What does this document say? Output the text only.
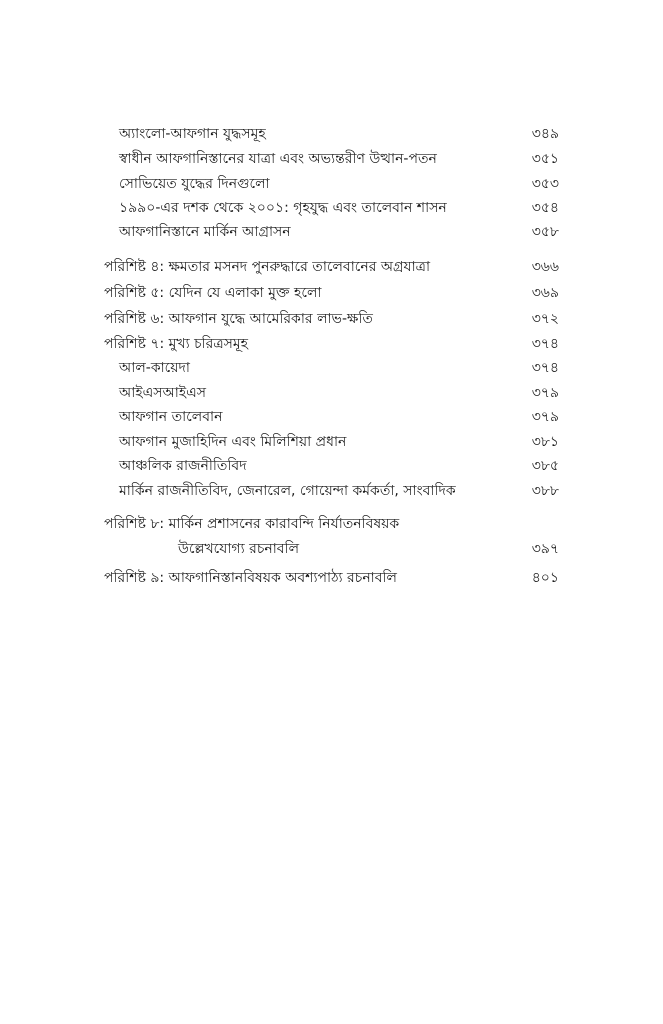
অ্যাংলো-আফগান যুদ্ধসমূহ	৩৪৯
স্বাধীন আফগানিস্তানের যাত্রা এবং অভ্যন্তরীণ উত্থান-পতন	৩৫১
সোভিয়েত যুদ্ধের দিনগুলো	৩৫৩
১৯৯০-এর দশক থেকে ২০০১: গৃহযুদ্ধ এবং তালেবান শাসন	৩৫৪
আফগানিস্তানে মার্কিন আগ্রাসন	৩৫৮
পরিশিষ্ট ৪: ক্ষমতার মসনদ পুনরুদ্ধারে তালেবানের অগ্রযাত্রা	৩৬৬
পরিশিষ্ট ৫: যেদিন যে এলাকা মুক্ত হলো	৩৬৯
পরিশিষ্ট ৬: আফগান যুদ্ধে আমেরিকার লাভ-ক্ষতি	৩৭২
পরিশিষ্ট ৭: মুখ্য চরিত্রসমূহ	৩৭৪
আল-কায়েদা	৩৭৪
আইএসআইএস	৩৭৯
আফগান তালেবান	৩৭৯
আফগান মুজাহিদিন এবং মিলিশিয়া প্রধান	৩৮১
আঞ্চলিক রাজনীতিবিদ	৩৮৫
মার্কিন রাজনীতিবিদ, জেনারেল, গোয়েন্দা কর্মকর্তা, সাংবাদিক	৩৮৮
পরিশিষ্ট ৮: মার্কিন প্রশাসনের কারাবন্দি নির্যাতনবিষয়ক
উল্লেখযোগ্য রচনাবলি	৩৯৭
পরিশিষ্ট ৯: আফগানিস্তানবিষয়ক অবশ্যপাঠ্য রচনাবলি	৪০১
